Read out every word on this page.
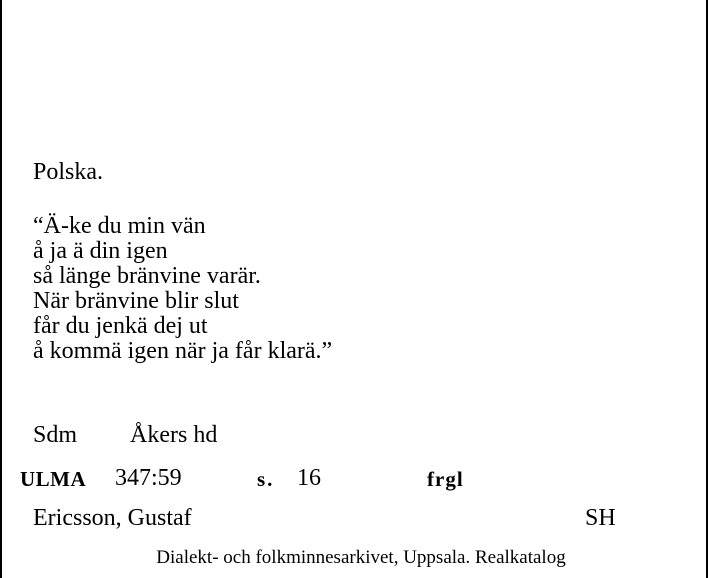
Polska.
“Ä-ke du min vän
å ja ä din igen
så länge bränvine varär.
När bränvine blir slut
får du jenkä dej ut
å kommä igen när ja får klarä.”
Sdm Åkers hd
ULMA 347:59	s. 16	frgl
Ericsson, Gustaf	SH
Dialekt- och folkminnesarkivet, Uppsala. Realkatalog
